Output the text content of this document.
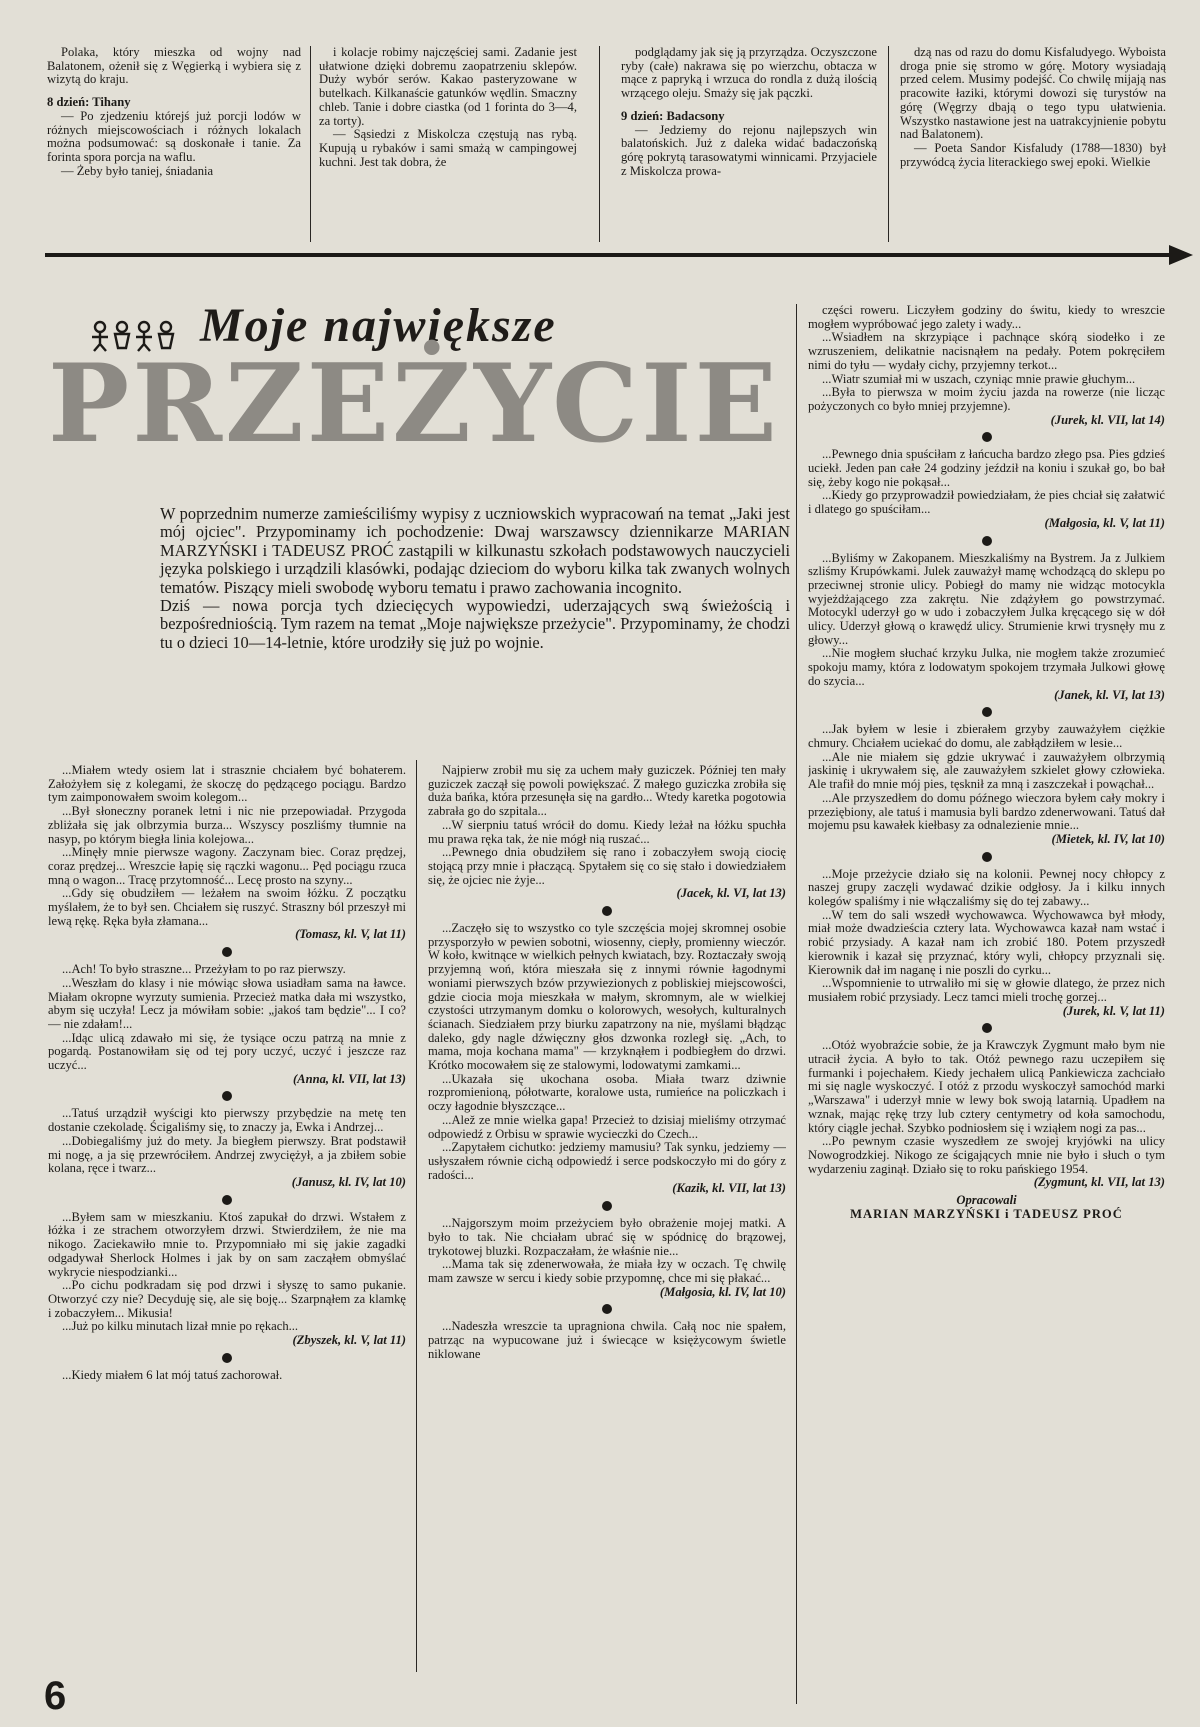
Polaka, który mieszka od wojny nad Balatonem, ożenił się z Węgierką i wybiera się z wizytą do kraju.

8 dzień: Tihany

— Po zjedzeniu którejś już porcji lodów w różnych miejscowościach i różnych lokalach można podsumować: są doskonałe i tanie. Za forinta spora porcja na waflu.

— Żeby było taniej, śniadania

i kolacje robimy najczęściej sami. Zadanie jest ułatwione dzięki dobremu zaopatrzeniu sklepów. Duży wybór serów. Kakao pasteryzowane w butelkach. Kilkanaście gatunków wędlin. Smaczny chleb. Tanie i dobre ciastka (od 1 forinta do 3—4, za torty).

— Sąsiedzi z Miskolcza częstują nas rybą. Kupują u rybaków i sami smażą w campingowej kuchni. Jest tak dobra, że

podglądamy jak się ją przyrządza. Oczyszczone ryby (całe) nakrawa się po wierzchu, obtacza w mące z papryką i wrzuca do rondla z dużą ilością wrzącego oleju. Smaży się jak pączki.

9 dzień: Badacsony

— Jedziemy do rejonu najlepszych win balatońskich. Już z daleka widać badaczońską górę pokrytą tarasowatymi winnicami. Przyjaciele z Miskolcza prowa-

dzą nas od razu do domu Kisfaludyego. Wyboista droga pnie się stromo w górę. Motory wysiadają przed celem. Musimy podejść. Co chwilę mijają nas pracowite łaziki, którymi dowozi się turystów na górę (Węgrzy dbają o tego typu ułatwienia. Wszystko nastawione jest na uatrakcyjnienie pobytu nad Balatonem).

— Poeta Sandor Kisfaludy (1788—1830) był przywódcą życia literackiego swej epoki. Wielkie

Moje największe
PRZEŻYCIE

W poprzednim numerze zamieściliśmy wypisy z uczniowskich wypracowań na temat „Jaki jest mój ojciec". Przypominamy ich pochodzenie: Dwaj warszawscy dziennikarze MARIAN MARZYŃSKI i TADEUSZ PROĆ zastąpili w kilkunastu szkołach podstawowych nauczycieli języka polskiego i urządzili klasówki, podając dzieciom do wyboru kilka tak zwanych wolnych tematów. Piszący mieli swobodę wyboru tematu i prawo zachowania incognito.

Dziś — nowa porcja tych dziecięcych wypowiedzi, uderzających swą świeżością i bezpośredniością. Tym razem na temat „Moje największe przeżycie". Przypominamy, że chodzi tu o dzieci 10—14-letnie, które urodziły się już po wojnie.

...Miałem wtedy osiem lat i strasznie chciałem być bohaterem. Założyłem się z kolegami, że skoczę do pędzącego pociągu. Bardzo tym zaimponowałem swoim kolegom...

...Był słoneczny poranek letni i nic nie przepowiadał. Przygoda zbliżała się jak olbrzymia burza... Wszyscy poszliśmy tłumnie na nasyp, po którym biegła linia kolejowa...

...Minęły mnie pierwsze wagony. Zaczynam biec. Coraz prędzej, coraz prędzej... Wreszcie łapię się rączki wagonu... Pęd pociągu rzuca mną o wagon... Tracę przytomność... Lecę prosto na szyny...

...Gdy się obudziłem — leżałem na swoim łóżku. Z początku myślałem, że to był sen. Chciałem się ruszyć. Straszny ból przeszył mi lewą rękę. Ręka była złamana...

(Tomasz, kl. V, lat 11)

...Ach! To było straszne... Przeżyłam to po raz pierwszy.

...Weszłam do klasy i nie mówiąc słowa usiadłam sama na ławce. Miałam okropne wyrzuty sumienia. Przecież matka dała mi wszystko, abym się uczyła! Lecz ja mówiłam sobie: „jakoś tam będzie"... I co? — nie zdałam!...

...Idąc ulicą zdawało mi się, że tysiące oczu patrzą na mnie z pogardą. Postanowiłam się od tej pory uczyć, uczyć i jeszcze raz uczyć...

(Anna, kl. VII, lat 13)

...Tatuś urządził wyścigi kto pierwszy przybędzie na metę ten dostanie czekoladę. Ścigaliśmy się, to znaczy ja, Ewka i Andrzej...

...Dobiegaliśmy już do mety. Ja biegłem pierwszy. Brat podstawił mi nogę, a ja się przewróciłem. Andrzej zwyciężył, a ja zbiłem sobie kolana, ręce i twarz...

(Janusz, kl. IV, lat 10)

...Byłem sam w mieszkaniu. Ktoś zapukał do drzwi. Wstałem z łóżka i ze strachem otworzyłem drzwi. Stwierdziłem, że nie ma nikogo. Zaciekawiło mnie to. Przypomniało mi się jakie zagadki odgadywał Sherlock Holmes i jak by on sam zacząłem obmyślać wykrycie niespodzianki...

...Po cichu podkradam się pod drzwi i słyszę to samo pukanie. Otworzyć czy nie? Decyduję się, ale się boję... Szarpnąłem za klamkę i zobaczyłem... Mikusia!

...Już po kilku minutach lizał mnie po rękach...

(Zbyszek, kl. V, lat 11)

...Kiedy miałem 6 lat mój tatuś zachorował.

Najpierw zrobił mu się za uchem mały guziczek. Później ten mały guziczek zaczął się powoli powiększać. Z małego guziczka zrobiła się duża bańka, która przesunęła się na gardło... Wtedy karetka pogotowia zabrała go do szpitala...

...W sierpniu tatuś wrócił do domu. Kiedy leżał na łóżku spuchła mu prawa ręka tak, że nie mógł nią ruszać...

...Pewnego dnia obudziłem się rano i zobaczyłem swoją ciocię stojącą przy mnie i płaczącą. Spytałem się co się stało i dowiedziałem się, że ojciec nie żyje...

(Jacek, kl. VI, lat 13)

...Zaczęło się to wszystko co tyle szczęścia mojej skromnej osobie przysporzyło w pewien sobotni, wiosenny, ciepły, promienny wieczór. W koło, kwitnące w wielkich pełnych kwiatach, bzy. Roztaczały swoją przyjemną woń, która mieszała się z innymi równie łagodnymi woniami pierwszych bzów przywiezionych z pobliskiej miejscowości, gdzie ciocia moja mieszkała w małym, skromnym, ale w wielkiej czystości utrzymanym domku o kolorowych, wesołych, kulturalnych ścianach. Siedziałem przy biurku zapatrzony na nie, myślami błądząc daleko, gdy nagle dźwięczny głos dzwonka rozległ się. „Ach, to mama, moja kochana mama" — krzyknąłem i podbiegłem do drzwi. Krótko mocowałem się ze stalowymi, lodowatymi zamkami...

...Ukazała się ukochana osoba. Miała twarz dziwnie rozpromienioną, półotwarte, koralowe usta, rumieńce na policzkach i oczy łagodnie błyszczące...

...Alež ze mnie wielka gapa! Przecież to dzisiaj mieliśmy otrzymać odpowiedź z Orbisu w sprawie wycieczki do Czech...

...Zapytałem cichutko: jedziemy mamusiu? Tak synku, jedziemy — usłyszałem równie cichą odpowiedź i serce podskoczyło mi do góry z radości...

(Kazik, kl. VII, lat 13)

...Najgorszym moim przeżyciem było obrażenie mojej matki. A było to tak. Nie chciałam ubrać się w spódnicę do brązowej, trykotowej bluzki. Rozpaczałam, że właśnie nie...

...Mama tak się zdenerwowała, że miała łzy w oczach. Tę chwilę mam zawsze w sercu i kiedy sobie przypomnę, chce mi się płakać...

(Małgosia, kl. IV, lat 10)

...Nadeszła wreszcie ta upragniona chwila. Całą noc nie spałem, patrząc na wypucowane już i świecące w księżycowym świetle niklowane

części roweru. Liczyłem godziny do świtu, kiedy to wreszcie mogłem wypróbować jego zalety i wady...

...Wsiadłem na skrzypiące i pachnące skórą siodełko i ze wzruszeniem, delikatnie nacisnąłem na pedały. Potem pokręciłem nimi do tyłu — wydały cichy, przyjemny terkot...

...Wiatr szumiał mi w uszach, czyniąc mnie prawie głuchym...

...Była to pierwsza w moim życiu jazda na rowerze (nie licząc pożyczonych co było mniej przyjemne).

(Jurek, kl. VII, lat 14)

...Pewnego dnia spuściłam z łańcucha bardzo złego psa. Pies gdzieś uciekł. Jeden pan całe 24 godziny jeździł na koniu i szukał go, bo bał się, żeby kogo nie pokąsał...

...Kiedy go przyprowadził powiedziałam, że pies chciał się załatwić i dlatego go spuściłam...

(Małgosia, kl. V, lat 11)

...Byliśmy w Zakopanem. Mieszkaliśmy na Bystrem. Ja z Julkiem szliśmy Krupówkami. Julek zauważył mamę wchodzącą do sklepu po przeciwnej stronie ulicy. Pobiegł do mamy nie widząc motocykla wyjeżdżającego zza zakrętu. Nie zdążyłem go powstrzymać. Motocykl uderzył go w udo i zobaczyłem Julka kręcącego się w dół ulicy. Uderzył głową o krawędź ulicy. Strumienie krwi trysnęły mu z głowy...

...Nie mogłem słuchać krzyku Julka, nie mogłem także zrozumieć spokoju mamy, która z lodowatym spokojem trzymała Julkowi głowę do szycia...

(Janek, kl. VI, lat 13)

...Jak byłem w lesie i zbierałem grzyby zauważyłem ciężkie chmury. Chciałem uciekać do domu, ale zabłądziłem w lesie...

...Ale nie miałem się gdzie ukrywać i zauważyłem olbrzymią jaskinię i ukrywałem się, ale zauważyłem szkielet głowy człowieka. Ale trafił do mnie mój pies, tęsknił za mną i zaszczekał i powąchał...

...Ale przyszedłem do domu późnego wieczora byłem cały mokry i przeziębiony, ale tatuś i mamusia byli bardzo zdenerwowani. Tatuś dał mojemu psu kawałek kiełbasy za odnalezienie mnie...

(Mietek, kl. IV, lat 10)

...Moje przeżycie działo się na kolonii. Pewnej nocy chłopcy z naszej grupy zaczęli wydawać dzikie odgłosy. Ja i kilku innych kolegów spaliśmy i nie włączaliśmy się do tej zabawy...

...W tem do sali wszedł wychowawca. Wychowawca był młody, miał może dwadzieścia cztery lata. Wychowawca kazał nam wstać i robić przysiady. A kazał nam ich zrobić 180. Potem przyszedł kierownik i kazał się przyznać, który wyli, chłopcy przyznali się. Kierownik dał im naganę i nie poszli do cyrku...

...Wspomnienie to utrwaliło mi się w głowie dlatego, że przez nich musiałem robić przysiady. Lecz tamci mieli trochę gorzej...

(Jurek, kl. V, lat 11)

...Otóż wyobraźcie sobie, że ja Krawczyk Zygmunt mało bym nie utracił życia. A było to tak. Otóż pewnego razu uczepiłem się furmanki i pojechałem. Kiedy jechałem ulicą Pankiewicza zachciało mi się nagle wyskoczyć. I otóż z przodu wyskoczył samochód marki „Warszawa" i uderzył mnie w lewy bok swoją latarnią. Upadłem na wznak, mając rękę trzy lub cztery centymetry od koła samochodu, który ciągle jechał. Szybko podniosłem się i wziąłem nogi za pas...

...Po pewnym czasie wyszedłem ze swojej kryjówki na ulicy Nowogrodzkiej. Nikogo ze ścigających mnie nie było i słuch o tym wydarzeniu zaginął. Działo się to roku pańskiego 1954.

(Zygmunt, kl. VII, lat 13)

Opracowali

MARIAN MARZYŃSKI i TADEUSZ PROĆ

6
